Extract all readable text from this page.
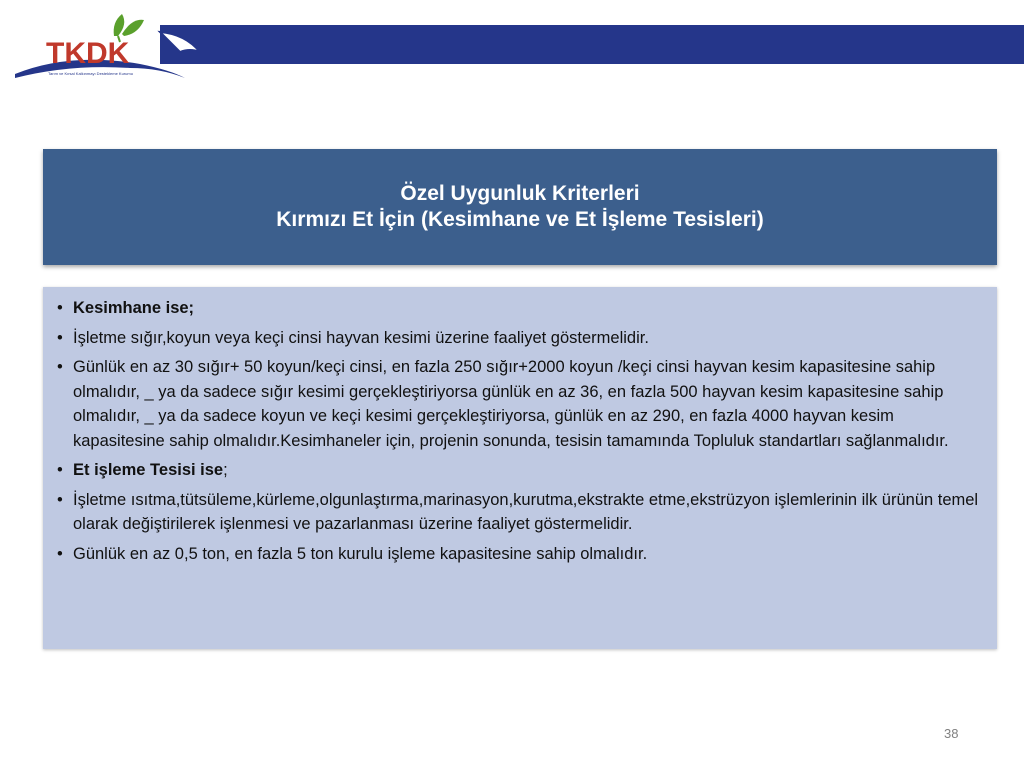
TKDK
Tarım ve Kırsal Kalkınmayı Destekleme Kurumu
Özel Uygunluk Kriterleri
Kırmızı Et İçin (Kesimhane ve Et İşleme Tesisleri)
• Kesimhane ise;
• İşletme sığır,koyun veya keçi cinsi hayvan kesimi üzerine faaliyet göstermelidir.
• Günlük en az 30 sığır+ 50 koyun/keçi cinsi, en fazla 250 sığır+2000 koyun /keçi cinsi hayvan kesim kapasitesine sahip olmalıdır, _ ya da sadece sığır kesimi gerçekleştiriyorsa günlük en az 36, en fazla 500 hayvan kesim kapasitesine sahip olmalıdır, _ ya da sadece koyun ve keçi kesimi gerçekleştiriyorsa, günlük en az 290, en fazla 4000 hayvan kesim kapasitesine sahip olmalıdır.Kesimhaneler için, projenin sonunda, tesisin tamamında Topluluk standartları sağlanmalıdır.
• Et işleme Tesisi ise;
• İşletme ısıtma,tütsüleme,kürleme,olgunlaştırma,marinasyon,kurutma,ekstrakte etme,ekstrüzyon işlemlerinin ilk ürünün temel olarak değiştirilerek işlenmesi ve pazarlanması üzerine faaliyet göstermelidir.
• Günlük en az 0,5 ton, en fazla 5 ton kurulu işleme kapasitesine sahip olmalıdır.
38
